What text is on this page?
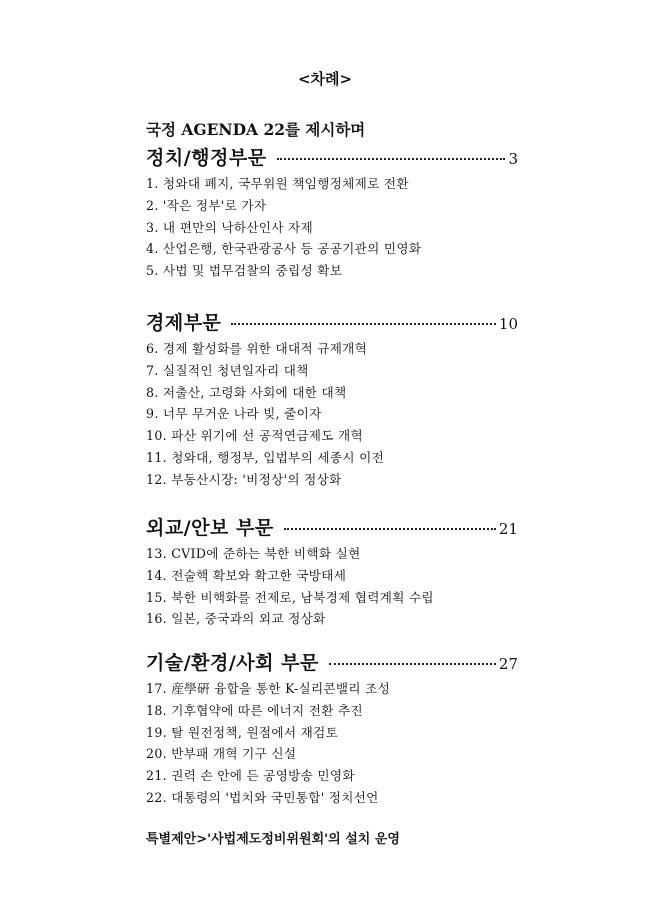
<차례>
국정 AGENDA 22를 제시하며
정치/행정부문	3
1. 청와대 폐지, 국무위원 책임행정체제로 전환
2. '작은 정부'로 가자
3. 내 편만의 낙하산인사 자제
4. 산업은행, 한국관광공사 등 공공기관의 민영화
5. 사법 및 법무검찰의 중립성 확보
경제부문	10
6. 경제 활성화를 위한 대대적 규제개혁
7. 실질적인 청년일자리 대책
8. 저출산, 고령화 사회에 대한 대책
9. 너무 무거운 나라 빚, 줄이자
10. 파산 위기에 선 공적연금제도 개혁
11. 청와대, 행정부, 입법부의 세종시 이전
12. 부동산시장: '비정상'의 정상화
외교/안보 부문	21
13. CVID에 준하는 북한 비핵화 실현
14. 전술핵 확보와 확고한 국방태세
15. 북한 비핵화를 전제로, 남북경제 협력계획 수립
16. 일본, 중국과의 외교 정상화
기술/환경/사회 부문	27
17. 産學硏 융합을 통한 K-실리콘밸리 조성
18. 기후협약에 따른 에너지 전환 추진
19. 탈 원전정책, 원점에서 재검토
20. 반부패 개혁 기구 신설
21. 권력 손 안에 든 공영방송 민영화
22. 대통령의 '법치와 국민통합' 정치선언
특별제안>'사법제도정비위원회'의 설치 운영
